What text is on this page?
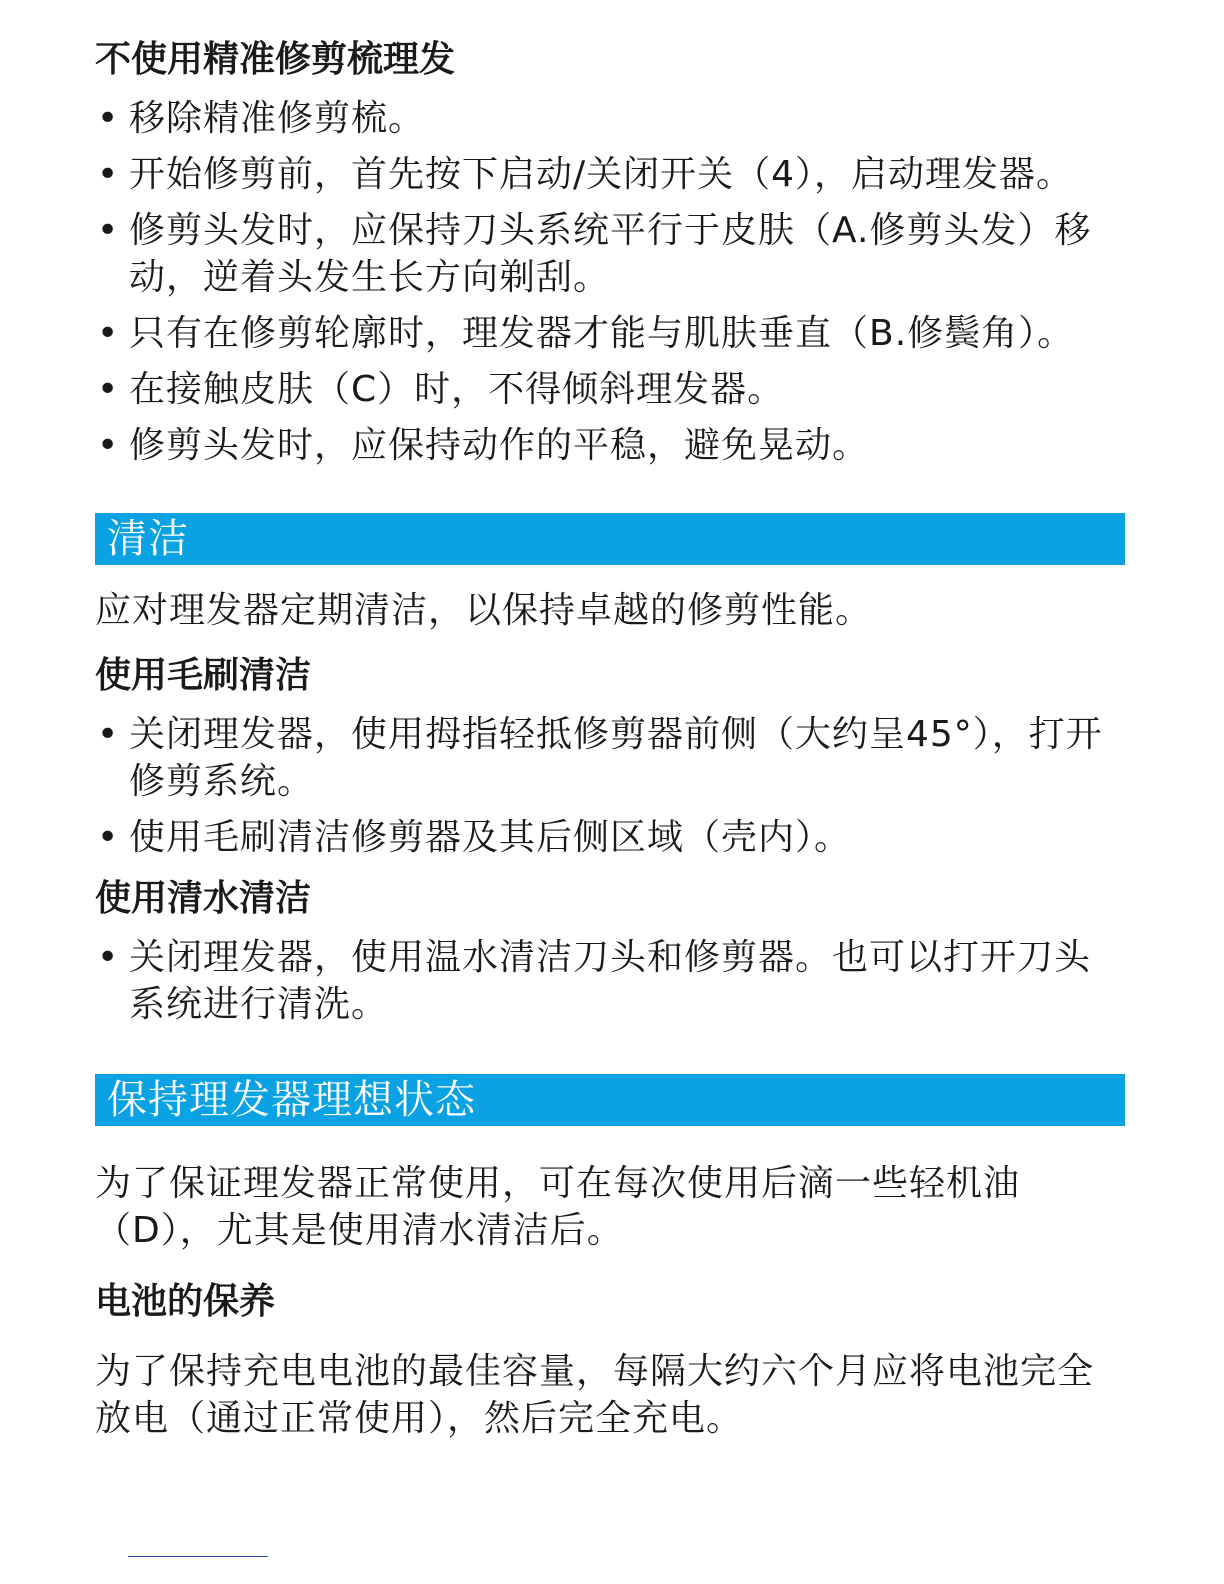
不使用精准修剪梳理发
• 移除精准修剪梳。
• 开始修剪前，首先按下启动/关闭开关（4），启动理发器。
• 修剪头发时，应保持刀头系统平行于皮肤（A.修剪头发）移动，逆着头发生长方向剃刮。
• 只有在修剪轮廓时，理发器才能与肌肤垂直（B.修鬓角）。
• 在接触皮肤（C）时，不得倾斜理发器。
• 修剪头发时，应保持动作的平稳，避免晃动。
清洁

应对理发器定期清洁，以保持卓越的修剪性能。

使用毛刷清洁
• 关闭理发器，使用拇指轻抵修剪器前侧（大约呈45°），打开修剪系统。
• 使用毛刷清洁修剪器及其后侧区域（壳内）。
使用清水清洁
• 关闭理发器，使用温水清洁刀头和修剪器。也可以打开刀头系统进行清洗。
保持理发器理想状态

为了保证理发器正常使用，可在每次使用后滴一些轻机油（D），尤其是使用清水清洁后。

电池的保养

为了保持充电电池的最佳容量，每隔大约六个月应将电池完全放电（通过正常使用），然后完全充电。
